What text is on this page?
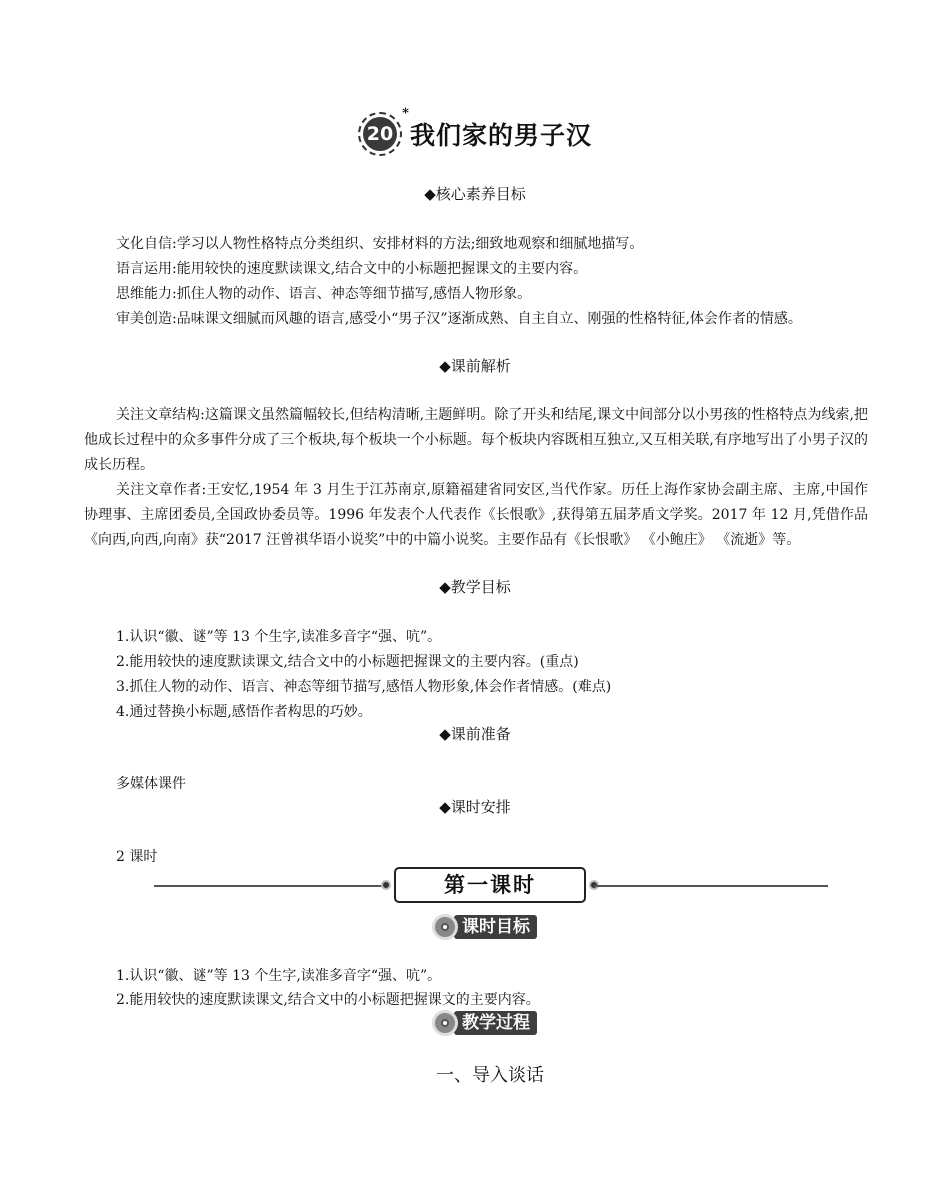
20
*
我们家的男子汉
◆核心素养目标
文化自信:学习以人物性格特点分类组织、安排材料的方法;细致地观察和细腻地描写。
语言运用:能用较快的速度默读课文,结合文中的小标题把握课文的主要内容。
思维能力:抓住人物的动作、语言、神态等细节描写,感悟人物形象。
审美创造:品味课文细腻而风趣的语言,感受小“男子汉”逐渐成熟、自主自立、刚强的性格特征,体会作者的情感。
◆课前解析
关注文章结构:这篇课文虽然篇幅较长,但结构清晰,主题鲜明。除了开头和结尾,课文中间部分以小男孩的性格特点为线索,把他成长过程中的众多事件分成了三个板块,每个板块一个小标题。每个板块内容既相互独立,又互相关联,有序地写出了小男子汉的成长历程。
关注文章作者:王安忆,1954 年 3 月生于江苏南京,原籍福建省同安区,当代作家。历任上海作家协会副主席、主席,中国作协理事、主席团委员,全国政协委员等。1996 年发表个人代表作《长恨歌》,获得第五届茅盾文学奖。2017 年 12 月,凭借作品《向西,向西,向南》获“2017 汪曾祺华语小说奖”中的中篇小说奖。主要作品有《长恨歌》 《小鲍庄》 《流逝》等。
◆教学目标
1.认识“徽、谜”等 13 个生字,读准多音字“强、吭”。
2.能用较快的速度默读课文,结合文中的小标题把握课文的主要内容。(重点)
3.抓住人物的动作、语言、神态等细节描写,感悟人物形象,体会作者情感。(难点)
4.通过替换小标题,感悟作者构思的巧妙。
◆课前准备
多媒体课件
◆课时安排
2 课时
第一课时
课时目标
1.认识“徽、谜”等 13 个生字,读准多音字“强、吭”。
2.能用较快的速度默读课文,结合文中的小标题把握课文的主要内容。
教学过程
一、导入谈话
